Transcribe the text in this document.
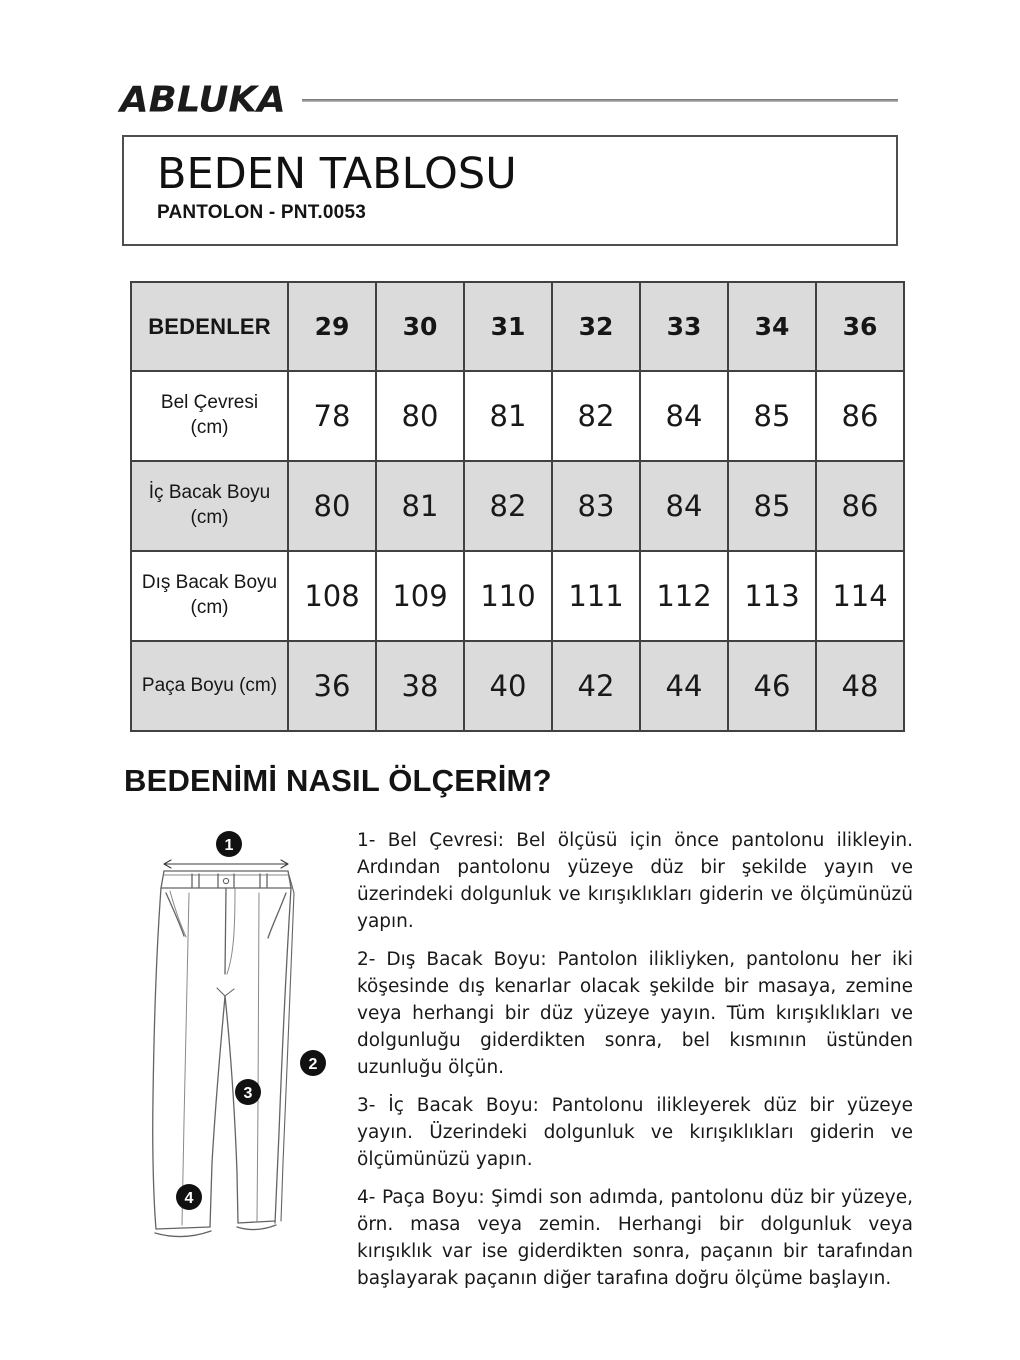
ABLUKA
BEDEN TABLOSU
PANTOLON - PNT.0053
BEDENLER	29	30	31	32	33	34	36

Bel Çevresi
(cm)	78	80	81	82	84	85	86

İç Bacak Boyu
(cm)	80	81	82	83	84	85	86

Dış Bacak Boyu
(cm)	108	109	110	111	112	113	114

Paça Boyu (cm)	36	38	40	42	44	46	48
BEDENİMİ NASIL ÖLÇERİM?
1
2
3
4

1- Bel Çevresi: Bel ölçüsü için önce pantolonu ilikleyin. Ardından pantolonu yüzeye düz bir şekilde yayın ve üzerindeki dolgunluk ve kırışıklıkları giderin ve ölçümünüzü yapın.

2- Dış Bacak Boyu: Pantolon ilikliyken, pantolonu her iki köşesinde dış kenarlar olacak şekilde bir masaya, zemine veya herhangi bir düz yüzeye yayın. Tüm kırışıklıkları ve dolgunluğu giderdikten sonra, bel kısmının üstünden uzunluğu ölçün.

3- İç Bacak Boyu: Pantolonu ilikleyerek düz bir yüzeye yayın. Üzerindeki dolgunluk ve kırışıklıkları giderin ve ölçümünüzü yapın.

4- Paça Boyu: Şimdi son adımda, pantolonu düz bir yüzeye, örn. masa veya zemin. Herhangi bir dolgunluk veya kırışıklık var ise giderdikten sonra, paçanın bir tarafından başlayarak paçanın diğer tarafına doğru ölçüme başlayın.
